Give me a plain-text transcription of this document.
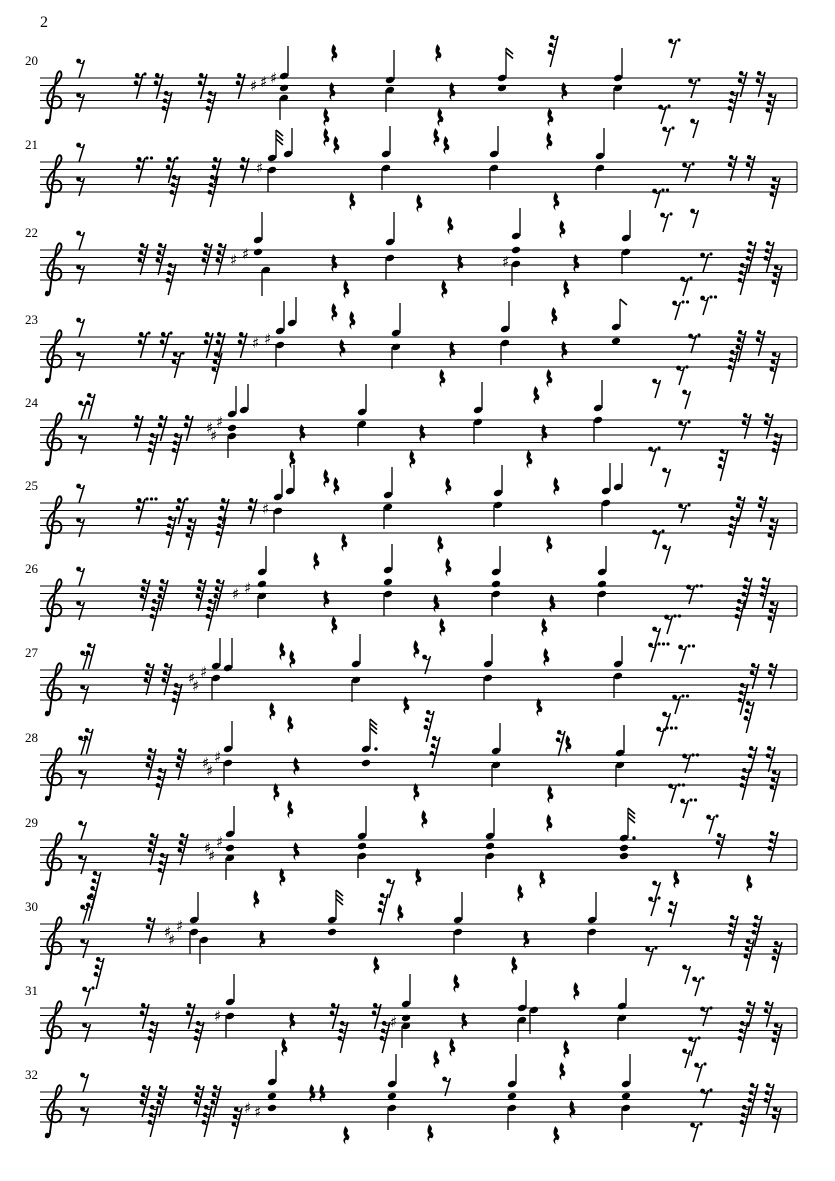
2
20
♯ ♯ ♯
21
♯
22
♯ ♯	♯
23
♯ ♯
24
♯ ♯
♯
25
♯
26
♯ ♯
27
♯ ♯
♯
28
♯ ♯
♯
29
♯ ♯
♯
30
♯ ♯
♯
31
♯	♯
32
♯ ♯
